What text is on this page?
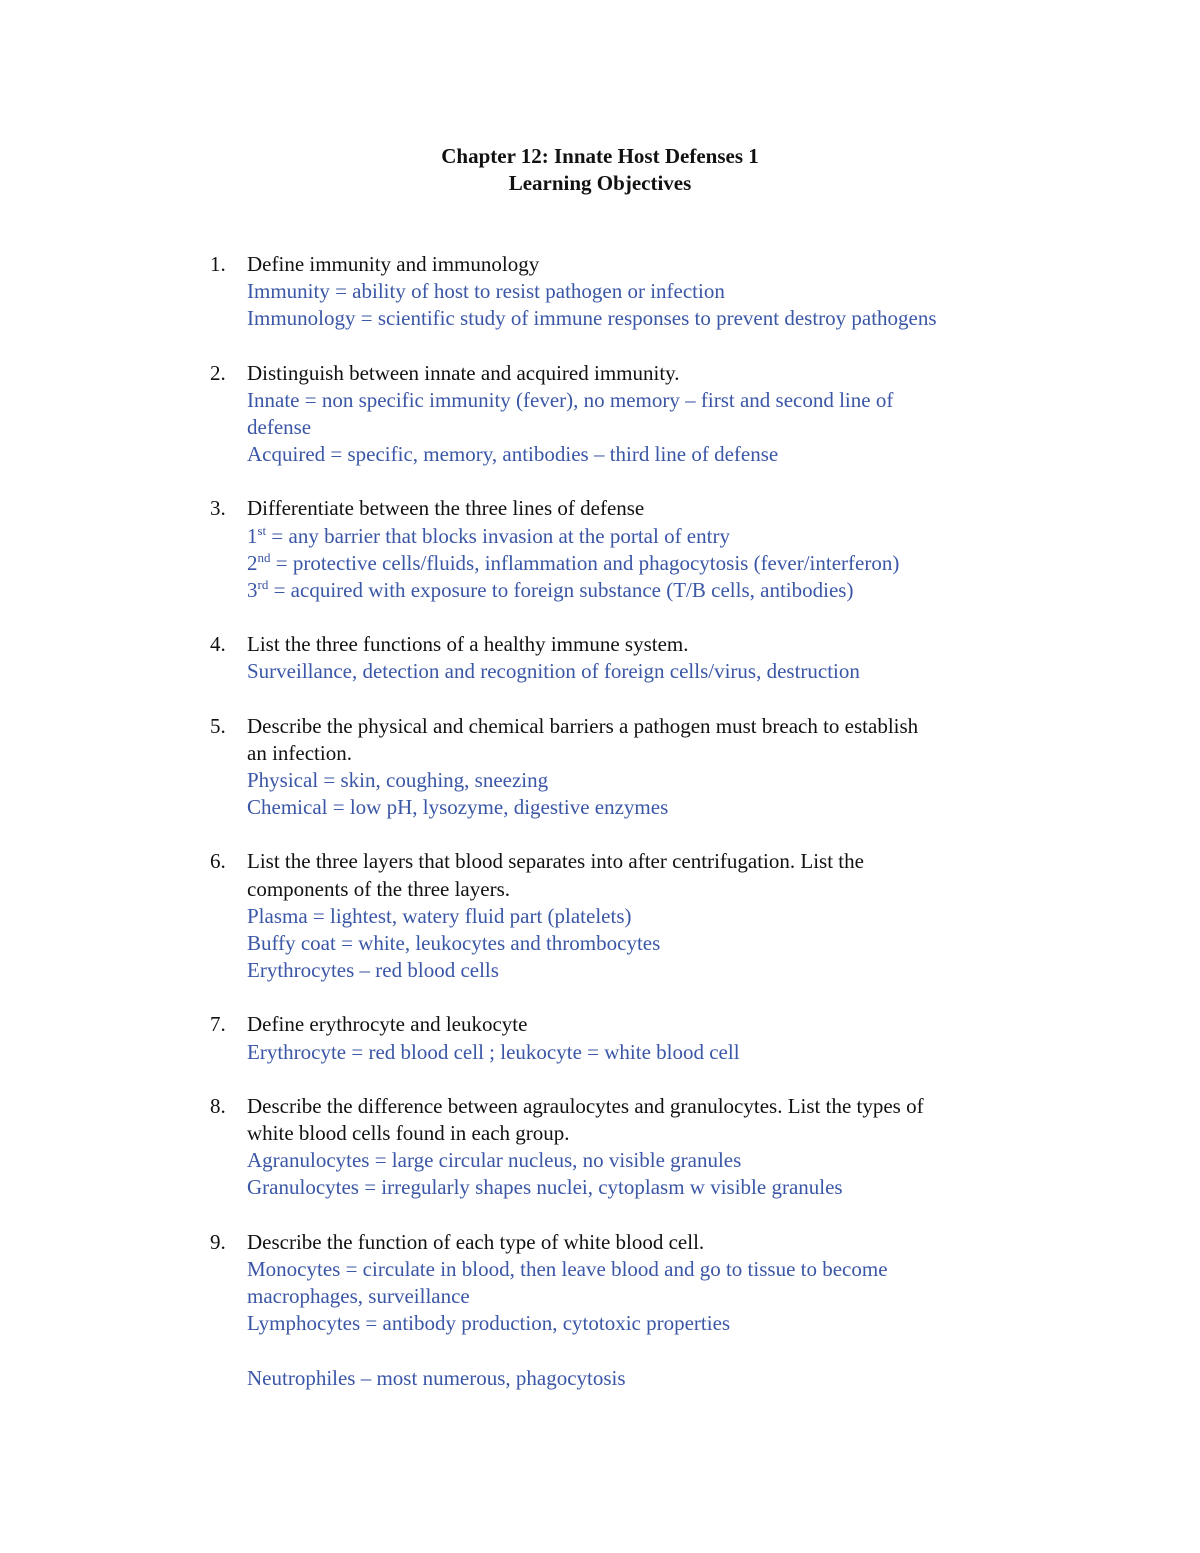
Chapter 12: Innate Host Defenses 1
Learning Objectives
1.	Define immunity and immunology
Immunity = ability of host to resist pathogen or infection
Immunology = scientific study of immune responses to prevent destroy pathogens
2.	Distinguish between innate and acquired immunity.
Innate = non specific immunity (fever), no memory – first and second line of
defense
Acquired = specific, memory, antibodies – third line of defense
3.	Differentiate between the three lines of defense
1st = any barrier that blocks invasion at the portal of entry
2nd = protective cells/fluids, inflammation and phagocytosis (fever/interferon)
3rd = acquired with exposure to foreign substance (T/B cells, antibodies)
4.	List the three functions of a healthy immune system.
Surveillance, detection and recognition of foreign cells/virus, destruction
5.	Describe the physical and chemical barriers a pathogen must breach to establish
an infection.
Physical = skin, coughing, sneezing
Chemical = low pH, lysozyme, digestive enzymes
6.	List the three layers that blood separates into after centrifugation. List the
components of the three layers.
Plasma = lightest, watery fluid part (platelets)
Buffy coat = white, leukocytes and thrombocytes
Erythrocytes – red blood cells
7.	Define erythrocyte and leukocyte
Erythrocyte = red blood cell ; leukocyte = white blood cell
8.	Describe the difference between agraulocytes and granulocytes. List the types of
white blood cells found in each group.
Agranulocytes = large circular nucleus, no visible granules
Granulocytes = irregularly shapes nuclei, cytoplasm w visible granules
9.	Describe the function of each type of white blood cell.
Monocytes = circulate in blood, then leave blood and go to tissue to become
macrophages, surveillance
Lymphocytes = antibody production, cytotoxic properties
Neutrophiles – most numerous, phagocytosis
